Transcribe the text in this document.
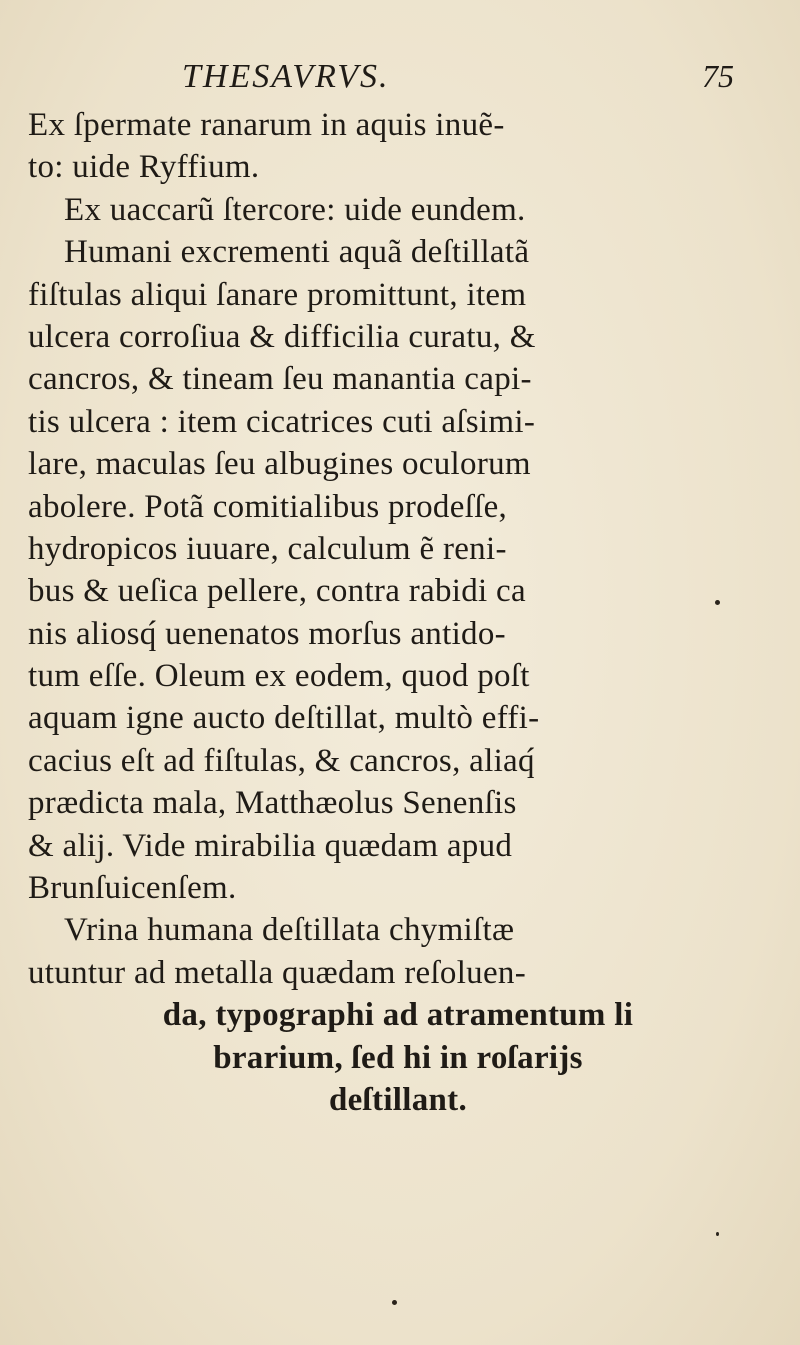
THESAVRVS.	75
Ex ſpermate ranarum in aquis inuẽ-
to: uide Ryffium.
Ex uaccarũ ſtercore: uide eundem.
Humani excrementi aquã deſtillatã
fiſtulas aliqui ſanare promittunt, item
ulcera corroſiua & difficilia curatu, &
cancros, & tineam ſeu manantia capi-
tis ulcera : item cicatrices cuti aſsimi-
lare, maculas ſeu albugines oculorum
abolere. Potã comitialibus prodeſſe,
hydropicos iuuare, calculum ẽ reni-
bus & ueſica pellere, contra rabidi ca
nis aliosq́ uenenatos morſus antido-
tum eſſe. Oleum ex eodem, quod poſt
aquam igne aucto deſtillat, multò effi-
cacius eſt ad fiſtulas, & cancros, aliaq́
prædicta mala, Matthæolus Senenſis
& alij. Vide mirabilia quædam apud
Brunſuicenſem.
Vrina humana deſtillata chymiſtæ
utuntur ad metalla quædam reſoluen-
da, typographi ad atramentum li
brarium, ſed hi in roſarijs
deſtillant.
